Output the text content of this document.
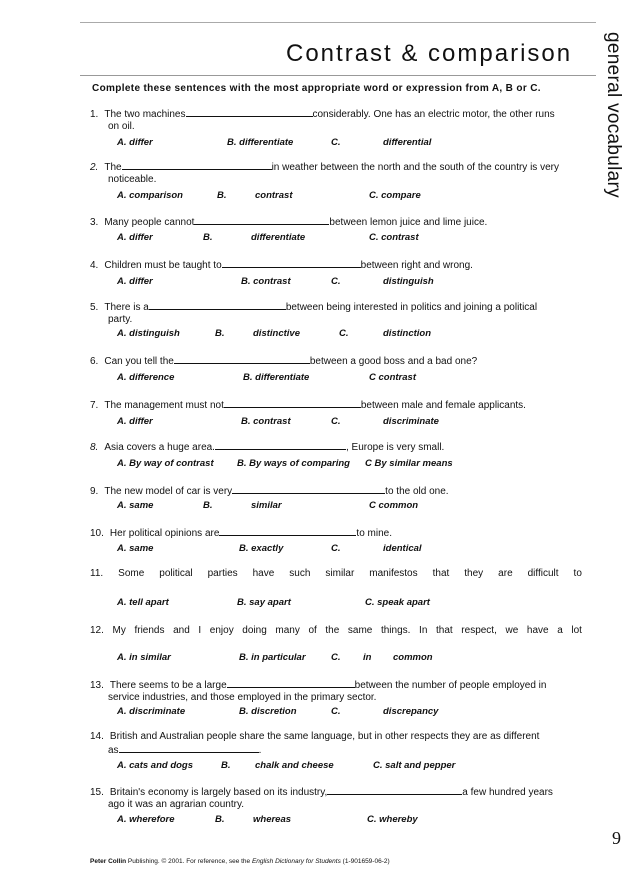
Contrast & comparison general vocabulary
Complete these sentences with the most appropriate word or expression from A, B or C.
1. The two machines	considerably. One has an electric motor, the other runs
on oil.
A. differ	B. differentiate	C.	differential
2. The	in weather between the north and the south of the country is very
noticeable.
A. comparison	B.	contrast	C. compare
3. Many people cannot	between lemon juice and lime juice.
A. differ	B.	differentiate	C. contrast
4. Children must be taught to	between right and wrong.
A. differ	B. contrast	C.	distinguish
5. There is a	between being interested in politics and joining a political
party.
A. distinguish	B.	distinctive	C.	distinction
6. Can you tell the	between a good boss and a bad one?
A. difference	B. differentiate	C contrast
7. The management must not	between male and female applicants.
A. differ	B. contrast	C.	discriminate
8. Asia covers a huge area.	, Europe is very small.
A. By way of contrast B. By ways of comparing C By similar means
9. The new model of car is very	to the old one.
A. same	B.	similar	C common
10. Her political opinions are	to mine.
A. same	B. exactly	C.	identical
11. Some political parties have such similar manifestos that they are difficult to
A. tell apart	B. say apart	C. speak apart
12. My friends and I enjoy doing many of the same things. In that respect, we have a lot
A. in similar	B. in particular	C. in common
13. There seems to be a large	between the number of people employed in
service industries, and those employed in the primary sector.
A. discriminate	B. discretion	C.	discrepancy
14. British and Australian people share the same language, but in other respects they are as different
as	.
A. cats and dogs	B.	chalk and cheese	C. salt and pepper
15. Britain's economy is largely based on its industry,	a few hundred years
ago it was an agrarian country.
A. wherefore	B.	whereas	C. whereby
9
Peter Collin Publishing. © 2001. For reference, see the English Dictionary for Students (1-901659-06-2)
